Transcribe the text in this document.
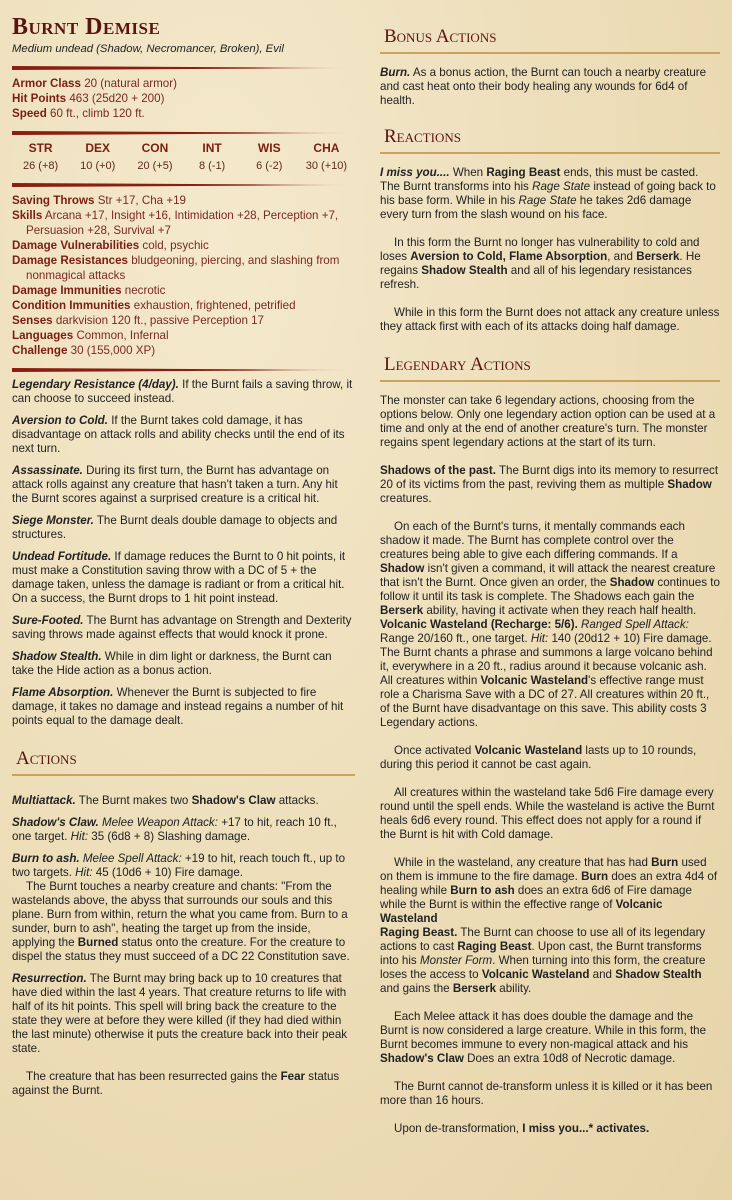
Burnt Demise
Medium undead (Shadow, Necromancer, Broken), Evil
Armor Class 20 (natural armor)
Hit Points 463 (25d20 + 200)
Speed 60 ft., climb 120 ft.
STR
26 (+8)
DEX
10 (+0)
CON
20 (+5)
INT
8 (-1)
WIS
6 (-2)
CHA
30 (+10)
Saving Throws Str +17, Cha +19
Skills Arcana +17, Insight +16, Intimidation +28, Perception +7, Persuasion +28, Survival +7
Damage Vulnerabilities cold, psychic
Damage Resistances bludgeoning, piercing, and slashing from nonmagical attacks
Damage Immunities necrotic
Condition Immunities exhaustion, frightened, petrified
Senses darkvision 120 ft., passive Perception 17
Languages Common, Infernal
Challenge 30 (155,000 XP)

Legendary Resistance (4/day). If the Burnt fails a saving throw, it can choose to succeed instead.

Aversion to Cold. If the Burnt takes cold damage, it has disadvantage on attack rolls and ability checks until the end of its next turn.

Assassinate. During its first turn, the Burnt has advantage on attack rolls against any creature that hasn't taken a turn. Any hit the Burnt scores against a surprised creature is a critical hit.

Siege Monster. The Burnt deals double damage to objects and structures.

Undead Fortitude. If damage reduces the Burnt to 0 hit points, it must make a Constitution saving throw with a DC of 5 + the damage taken, unless the damage is radiant or from a critical hit. On a success, the Burnt drops to 1 hit point instead.

Sure-Footed. The Burnt has advantage on Strength and Dexterity saving throws made against effects that would knock it prone.

Shadow Stealth. While in dim light or darkness, the Burnt can take the Hide action as a bonus action.

Flame Absorption. Whenever the Burnt is subjected to fire damage, it takes no damage and instead regains a number of hit points equal to the damage dealt.

Actions

Multiattack. The Burnt makes two Shadow's Claw attacks.

Shadow's Claw. Melee Weapon Attack: +17 to hit, reach 10 ft., one target. Hit: 35 (6d8 + 8) Slashing damage.

Burn to ash. Melee Spell Attack: +19 to hit, reach touch ft., up to two targets. Hit: 45 (10d6 + 10) Fire damage.

The Burnt touches a nearby creature and chants: "From the wastelands above, the abyss that surrounds our souls and this plane. Burn from within, return the what you came from. Burn to a sunder, burn to ash", heating the target up from the inside, applying the Burned status onto the creature. For the creature to dispel the status they must succeed of a DC 22 Constitution save.

Resurrection. The Burnt may bring back up to 10 creatures that have died within the last 4 years. That creature returns to life with half of its hit points. This spell will bring back the creature to the state they were at before they were killed (if they had died within the last minute) otherwise it puts the creature back into their peak state.

The creature that has been resurrected gains the Fear status against the Burnt.

Bonus Actions

Burn. As a bonus action, the Burnt can touch a nearby creature and cast heat onto their body healing any wounds for 6d4 of health.

Reactions

I miss you.... When Raging Beast ends, this must be casted. The Burnt transforms into his Rage State instead of going back to his base form. While in his Rage State he takes 2d6 damage every turn from the slash wound on his face.

In this form the Burnt no longer has vulnerability to cold and loses Aversion to Cold, Flame Absorption, and Berserk. He regains Shadow Stealth and all of his legendary resistances refresh.

While in this form the Burnt does not attack any creature unless they attack first with each of its attacks doing half damage.

Legendary Actions

The monster can take 6 legendary actions, choosing from the options below. Only one legendary action option can be used at a time and only at the end of another creature's turn. The monster regains spent legendary actions at the start of its turn.

Shadows of the past. The Burnt digs into its memory to resurrect 20 of its victims from the past, reviving them as multiple Shadow creatures.

On each of the Burnt's turns, it mentally commands each shadow it made. The Burnt has complete control over the creatures being able to give each differing commands. If a Shadow isn't given a command, it will attack the nearest creature that isn't the Burnt. Once given an order, the Shadow continues to follow it until its task is complete. The Shadows each gain the Berserk ability, having it activate when they reach half health.

Volcanic Wasteland (Recharge: 5/6). Ranged Spell Attack: Range 20/160 ft., one target. Hit: 140 (20d12 + 10) Fire damage. The Burnt chants a phrase and summons a large volcano behind it, everywhere in a 20 ft., radius around it because volcanic ash. All creatures within Volcanic Wasteland's effective range must role a Charisma Save with a DC of 27. All creatures within 20 ft., of the Burnt have disadvantage on this save. This ability costs 3 Legendary actions.

Once activated Volcanic Wasteland lasts up to 10 rounds, during this period it cannot be cast again.

All creatures within the wasteland take 5d6 Fire damage every round until the spell ends. While the wasteland is active the Burnt heals 6d6 every round. This effect does not apply for a round if the Burnt is hit with Cold damage.

While in the wasteland, any creature that has had Burn used on them is immune to the fire damage. Burn does an extra 4d4 of healing while Burn to ash does an extra 6d6 of Fire damage while the Burnt is within the effective range of Volcanic Wasteland

Raging Beast. The Burnt can choose to use all of its legendary actions to cast Raging Beast. Upon cast, the Burnt transforms into his Monster Form. When turning into this form, the creature loses the access to Volcanic Wasteland and Shadow Stealth and gains the Berserk ability.

Each Melee attack it has does double the damage and the Burnt is now considered a large creature. While in this form, the Burnt becomes immune to every non-magical attack and his Shadow's Claw Does an extra 10d8 of Necrotic damage.

The Burnt cannot de-transform unless it is killed or it has been more than 16 hours.

Upon de-transformation, I miss you...* activates.
